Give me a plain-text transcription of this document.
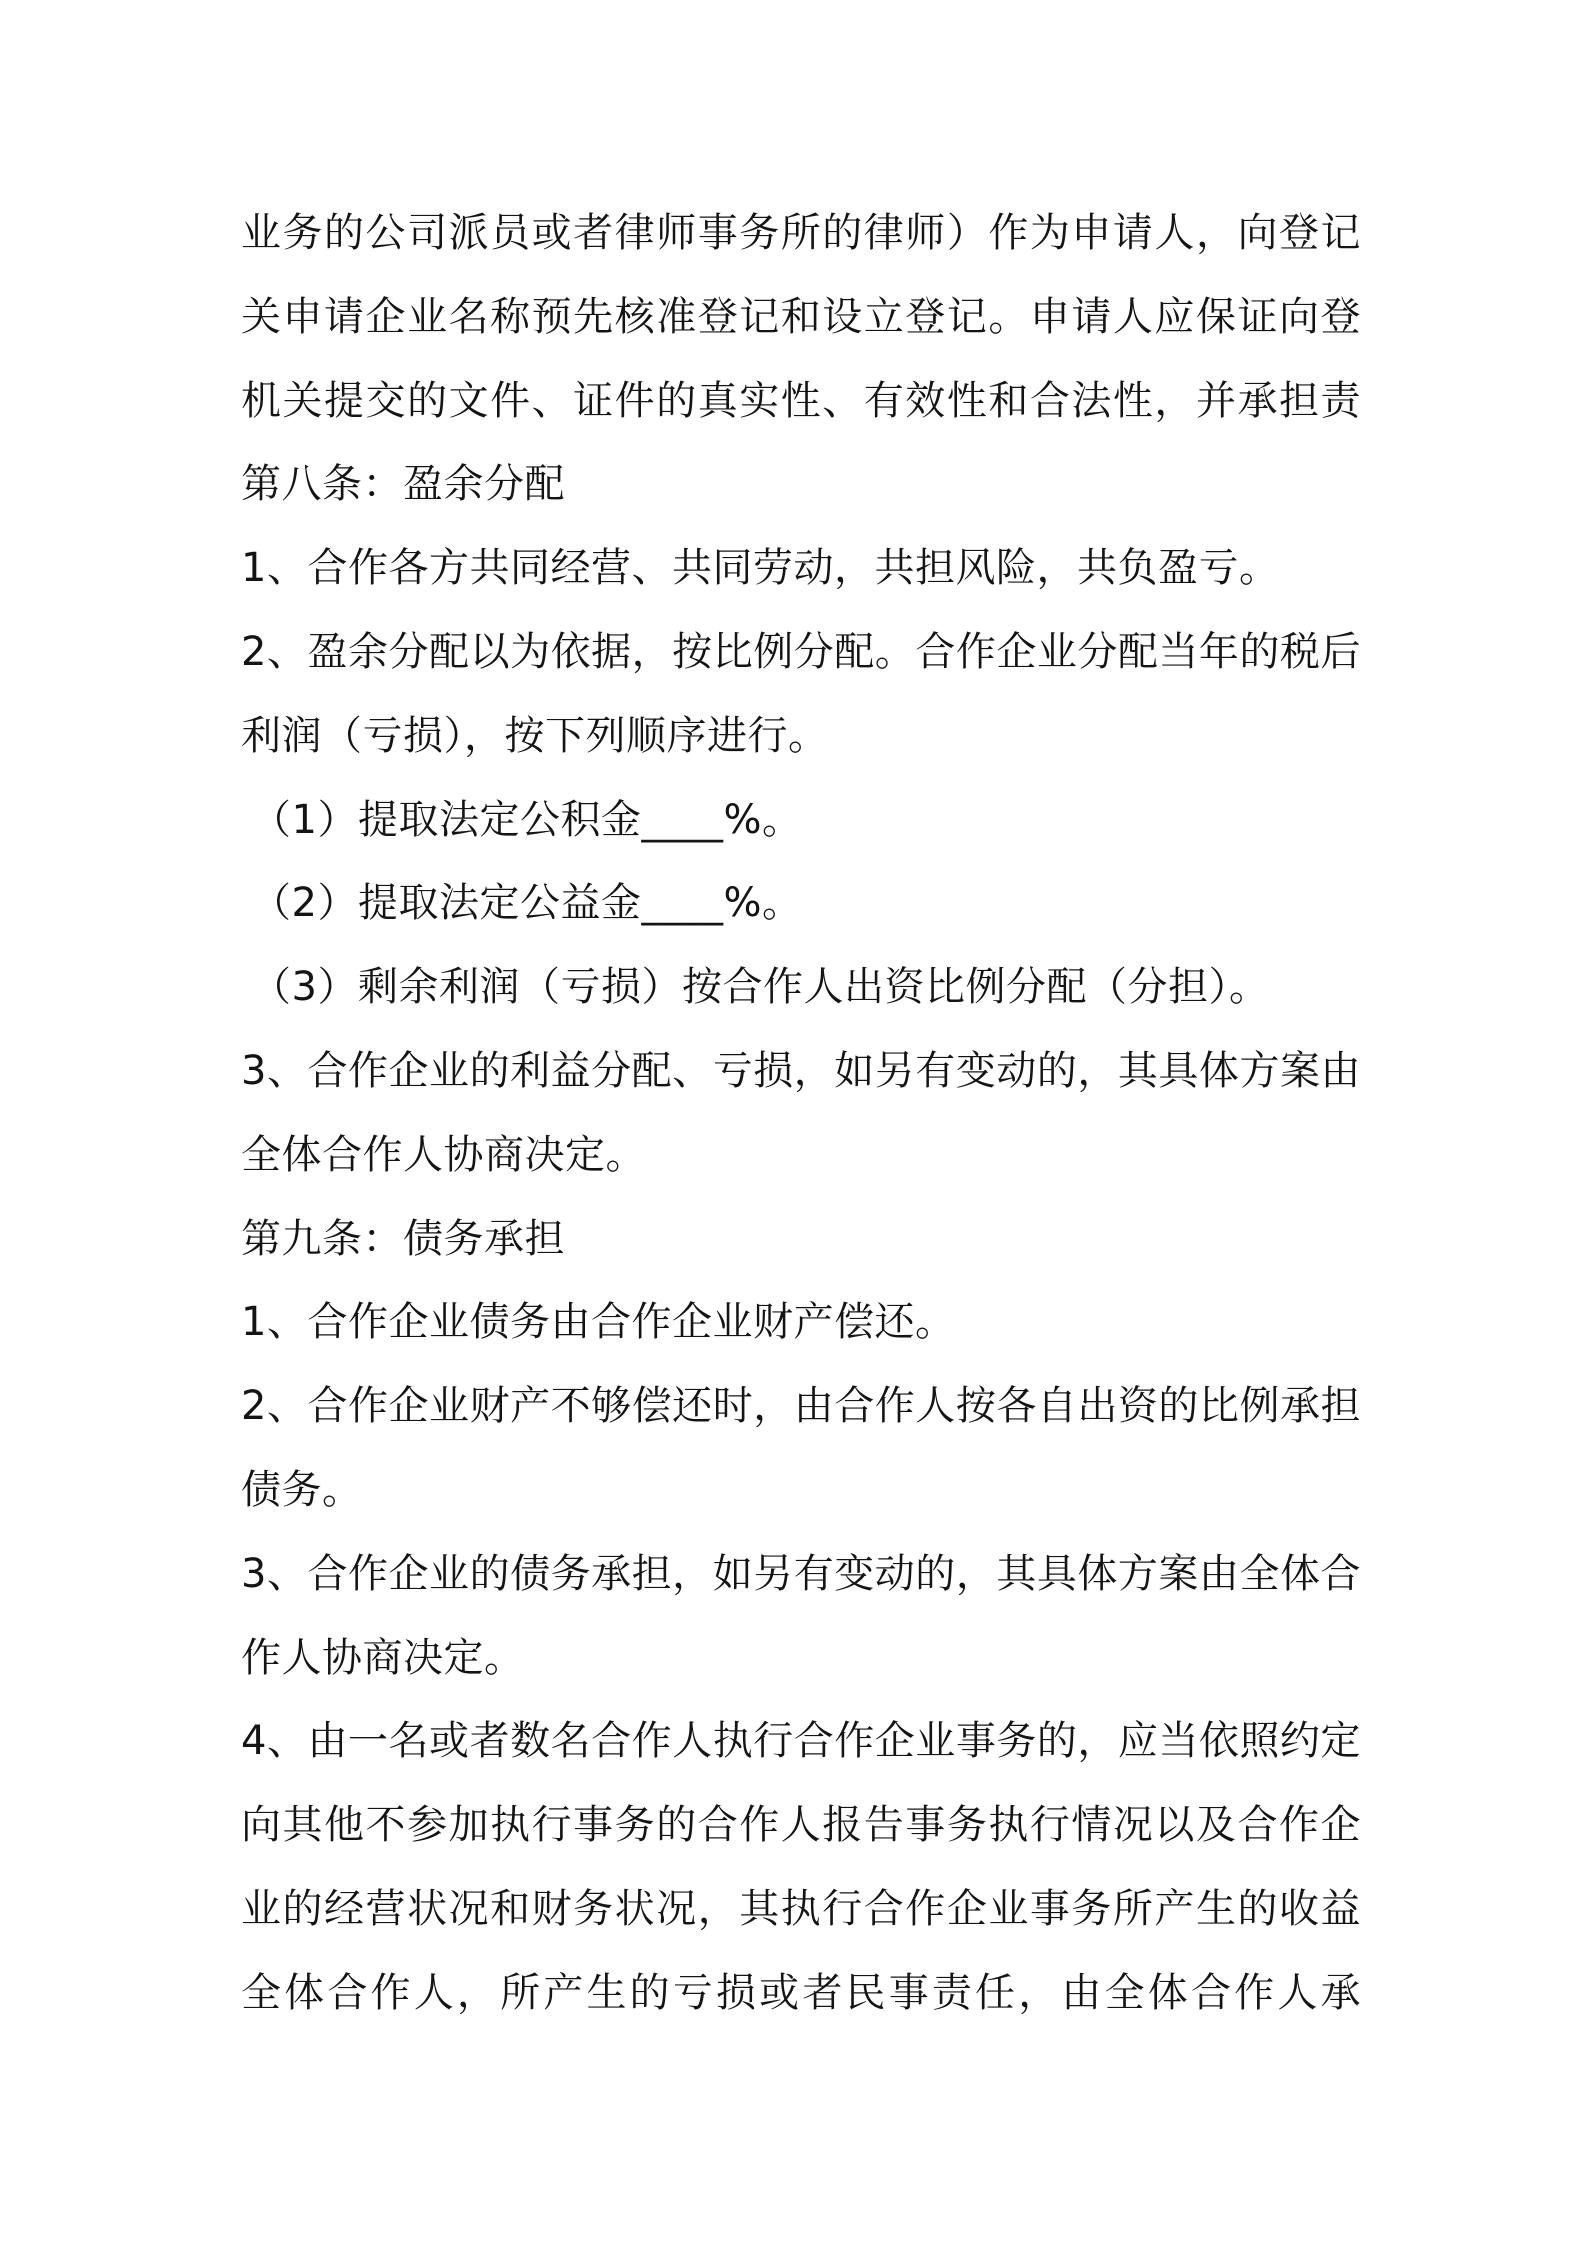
业务的公司派员或者律师事务所的律师）作为申请人，向登记
关申请企业名称预先核准登记和设立登记。申请人应保证向登
机关提交的文件、证件的真实性、有效性和合法性，并承担责
第八条：盈余分配
1、合作各方共同经营、共同劳动，共担风险，共负盈亏。
2、盈余分配以为依据，按比例分配。合作企业分配当年的税后
利润（亏损），按下列顺序进行。
（1）提取法定公积金____%。
（2）提取法定公益金____%。
（3）剩余利润（亏损）按合作人出资比例分配（分担）。
3、合作企业的利益分配、亏损，如另有变动的，其具体方案由
全体合作人协商决定。
第九条：债务承担
1、合作企业债务由合作企业财产偿还。
2、合作企业财产不够偿还时，由合作人按各自出资的比例承担
债务。
3、合作企业的债务承担，如另有变动的，其具体方案由全体合
作人协商决定。
4、由一名或者数名合作人执行合作企业事务的，应当依照约定
向其他不参加执行事务的合作人报告事务执行情况以及合作企
业的经营状况和财务状况，其执行合作企业事务所产生的收益
全体合作人，所产生的亏损或者民事责任，由全体合作人承
